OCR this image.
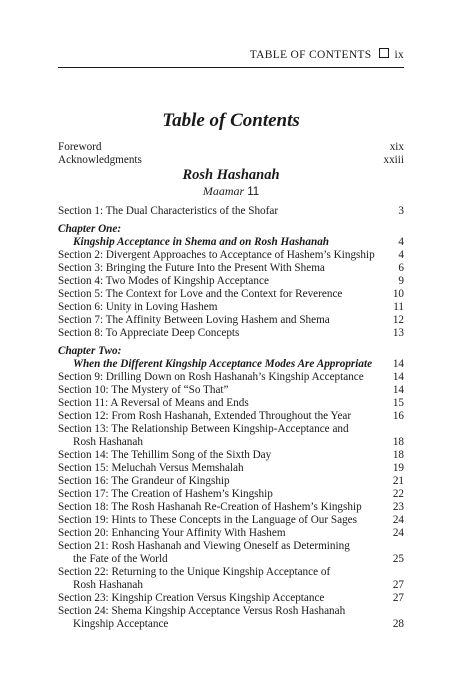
TABLE OF CONTENTS ix
Table of Contents
Foreword	xix
Acknowledgments	xxiii
Rosh Hashanah
Maamar 11
Section 1: The Dual Characteristics of the Shofar	3
Chapter One:
Kingship Acceptance in Shema and on Rosh Hashanah	4
Section 2: Divergent Approaches to Acceptance of Hashem’s Kingship 4
Section 3: Bringing the Future Into the Present With Shema	6
Section 4: Two Modes of Kingship Acceptance	9
Section 5: The Context for Love and the Context for Reverence	10
Section 6: Unity in Loving Hashem	11
Section 7: The Affinity Between Loving Hashem and Shema	12
Section 8: To Appreciate Deep Concepts	13
Chapter Two:
When the Different Kingship Acceptance Modes Are Appropriate 14
Section 9: Drilling Down on Rosh Hashanah’s Kingship Acceptance	14
Section 10: The Mystery of “So That”	14
Section 11: A Reversal of Means and Ends	15
Section 12: From Rosh Hashanah, Extended Throughout the Year	16
Section 13: The Relationship Between Kingship-Acceptance and
Rosh Hashanah	18
Section 14: The Tehillim Song of the Sixth Day	18
Section 15: Meluchah Versus Memshalah	19
Section 16: The Grandeur of Kingship	21
Section 17: The Creation of Hashem’s Kingship	22
Section 18: The Rosh Hashanah Re-Creation of Hashem’s Kingship	23
Section 19: Hints to These Concepts in the Language of Our Sages	24
Section 20: Enhancing Your Affinity With Hashem	24
Section 21: Rosh Hashanah and Viewing Oneself as Determining
the Fate of the World	25
Section 22: Returning to the Unique Kingship Acceptance of
Rosh Hashanah	27
Section 23: Kingship Creation Versus Kingship Acceptance	27
Section 24: Shema Kingship Acceptance Versus Rosh Hashanah
Kingship Acceptance	28
